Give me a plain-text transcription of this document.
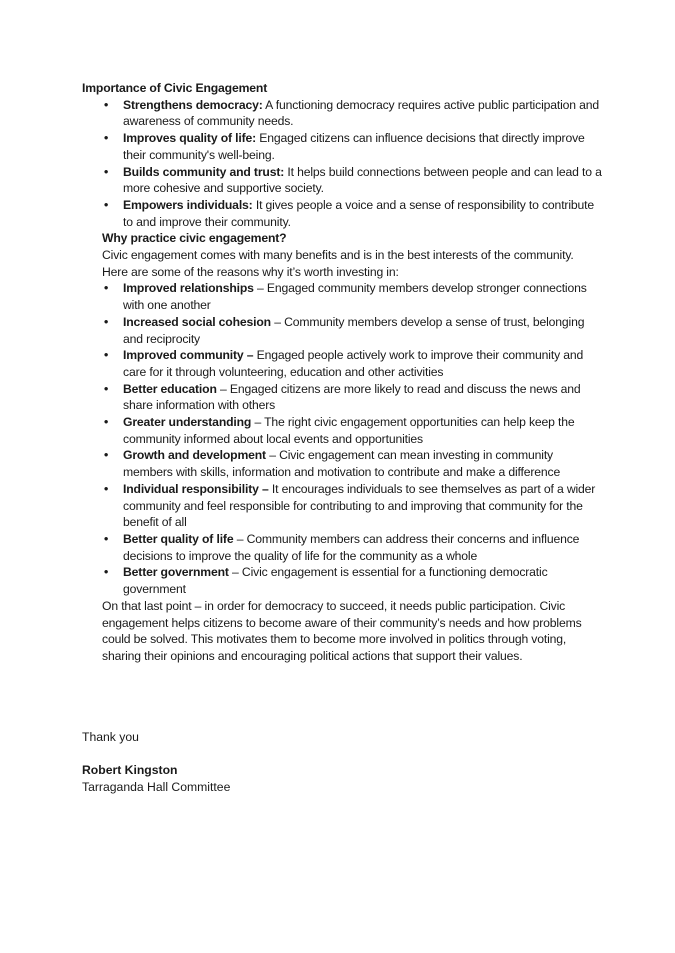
Importance of Civic Engagement

• Strengthens democracy: A functioning democracy requires active public participation and awareness of community needs.
• Improves quality of life: Engaged citizens can influence decisions that directly improve their community's well-being.
• Builds community and trust: It helps build connections between people and can lead to a more cohesive and supportive society.
• Empowers individuals: It gives people a voice and a sense of responsibility to contribute to and improve their community.

Why practice civic engagement?

Civic engagement comes with many benefits and is in the best interests of the community. Here are some of the reasons why it’s worth investing in:

• Improved relationships – Engaged community members develop stronger connections with one another
• Increased social cohesion – Community members develop a sense of trust, belonging and reciprocity
• Improved community – Engaged people actively work to improve their community and care for it through volunteering, education and other activities
• Better education – Engaged citizens are more likely to read and discuss the news and share information with others
• Greater understanding – The right civic engagement opportunities can help keep the community informed about local events and opportunities
• Growth and development – Civic engagement can mean investing in community members with skills, information and motivation to contribute and make a difference
• Individual responsibility – It encourages individuals to see themselves as part of a wider community and feel responsible for contributing to and improving that community for the benefit of all
• Better quality of life – Community members can address their concerns and influence decisions to improve the quality of life for the community as a whole
• Better government – Civic engagement is essential for a functioning democratic government

On that last point – in order for democracy to succeed, it needs public participation. Civic engagement helps citizens to become aware of their community’s needs and how problems could be solved. This motivates them to become more involved in politics through voting, sharing their opinions and encouraging political actions that support their values.

Thank you
Robert Kingston
Tarraganda Hall Committee
